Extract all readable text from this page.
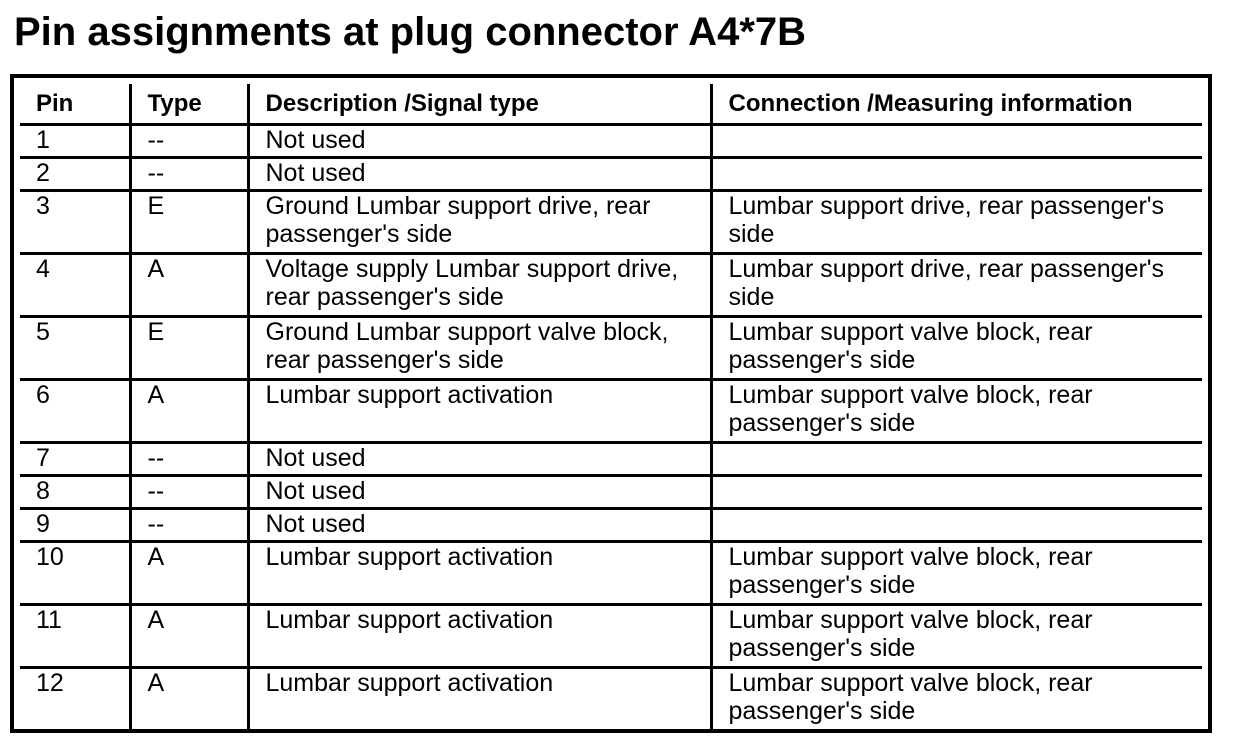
Pin assignments at plug connector A4*7B
Pin	Type	Description /Signal type	Connection /Measuring information
1	--	Not used	
2	--	Not used	
3	E	Ground Lumbar support drive, rear passenger's side	Lumbar support drive, rear passenger's side
4	A	Voltage supply Lumbar support drive, rear passenger's side	Lumbar support drive, rear passenger's side
5	E	Ground Lumbar support valve block, rear passenger's side	Lumbar support valve block, rear passenger's side
6	A	Lumbar support activation	Lumbar support valve block, rear passenger's side
7	--	Not used	
8	--	Not used	
9	--	Not used	
10	A	Lumbar support activation	Lumbar support valve block, rear passenger's side
11	A	Lumbar support activation	Lumbar support valve block, rear passenger's side
12	A	Lumbar support activation	Lumbar support valve block, rear passenger's side
